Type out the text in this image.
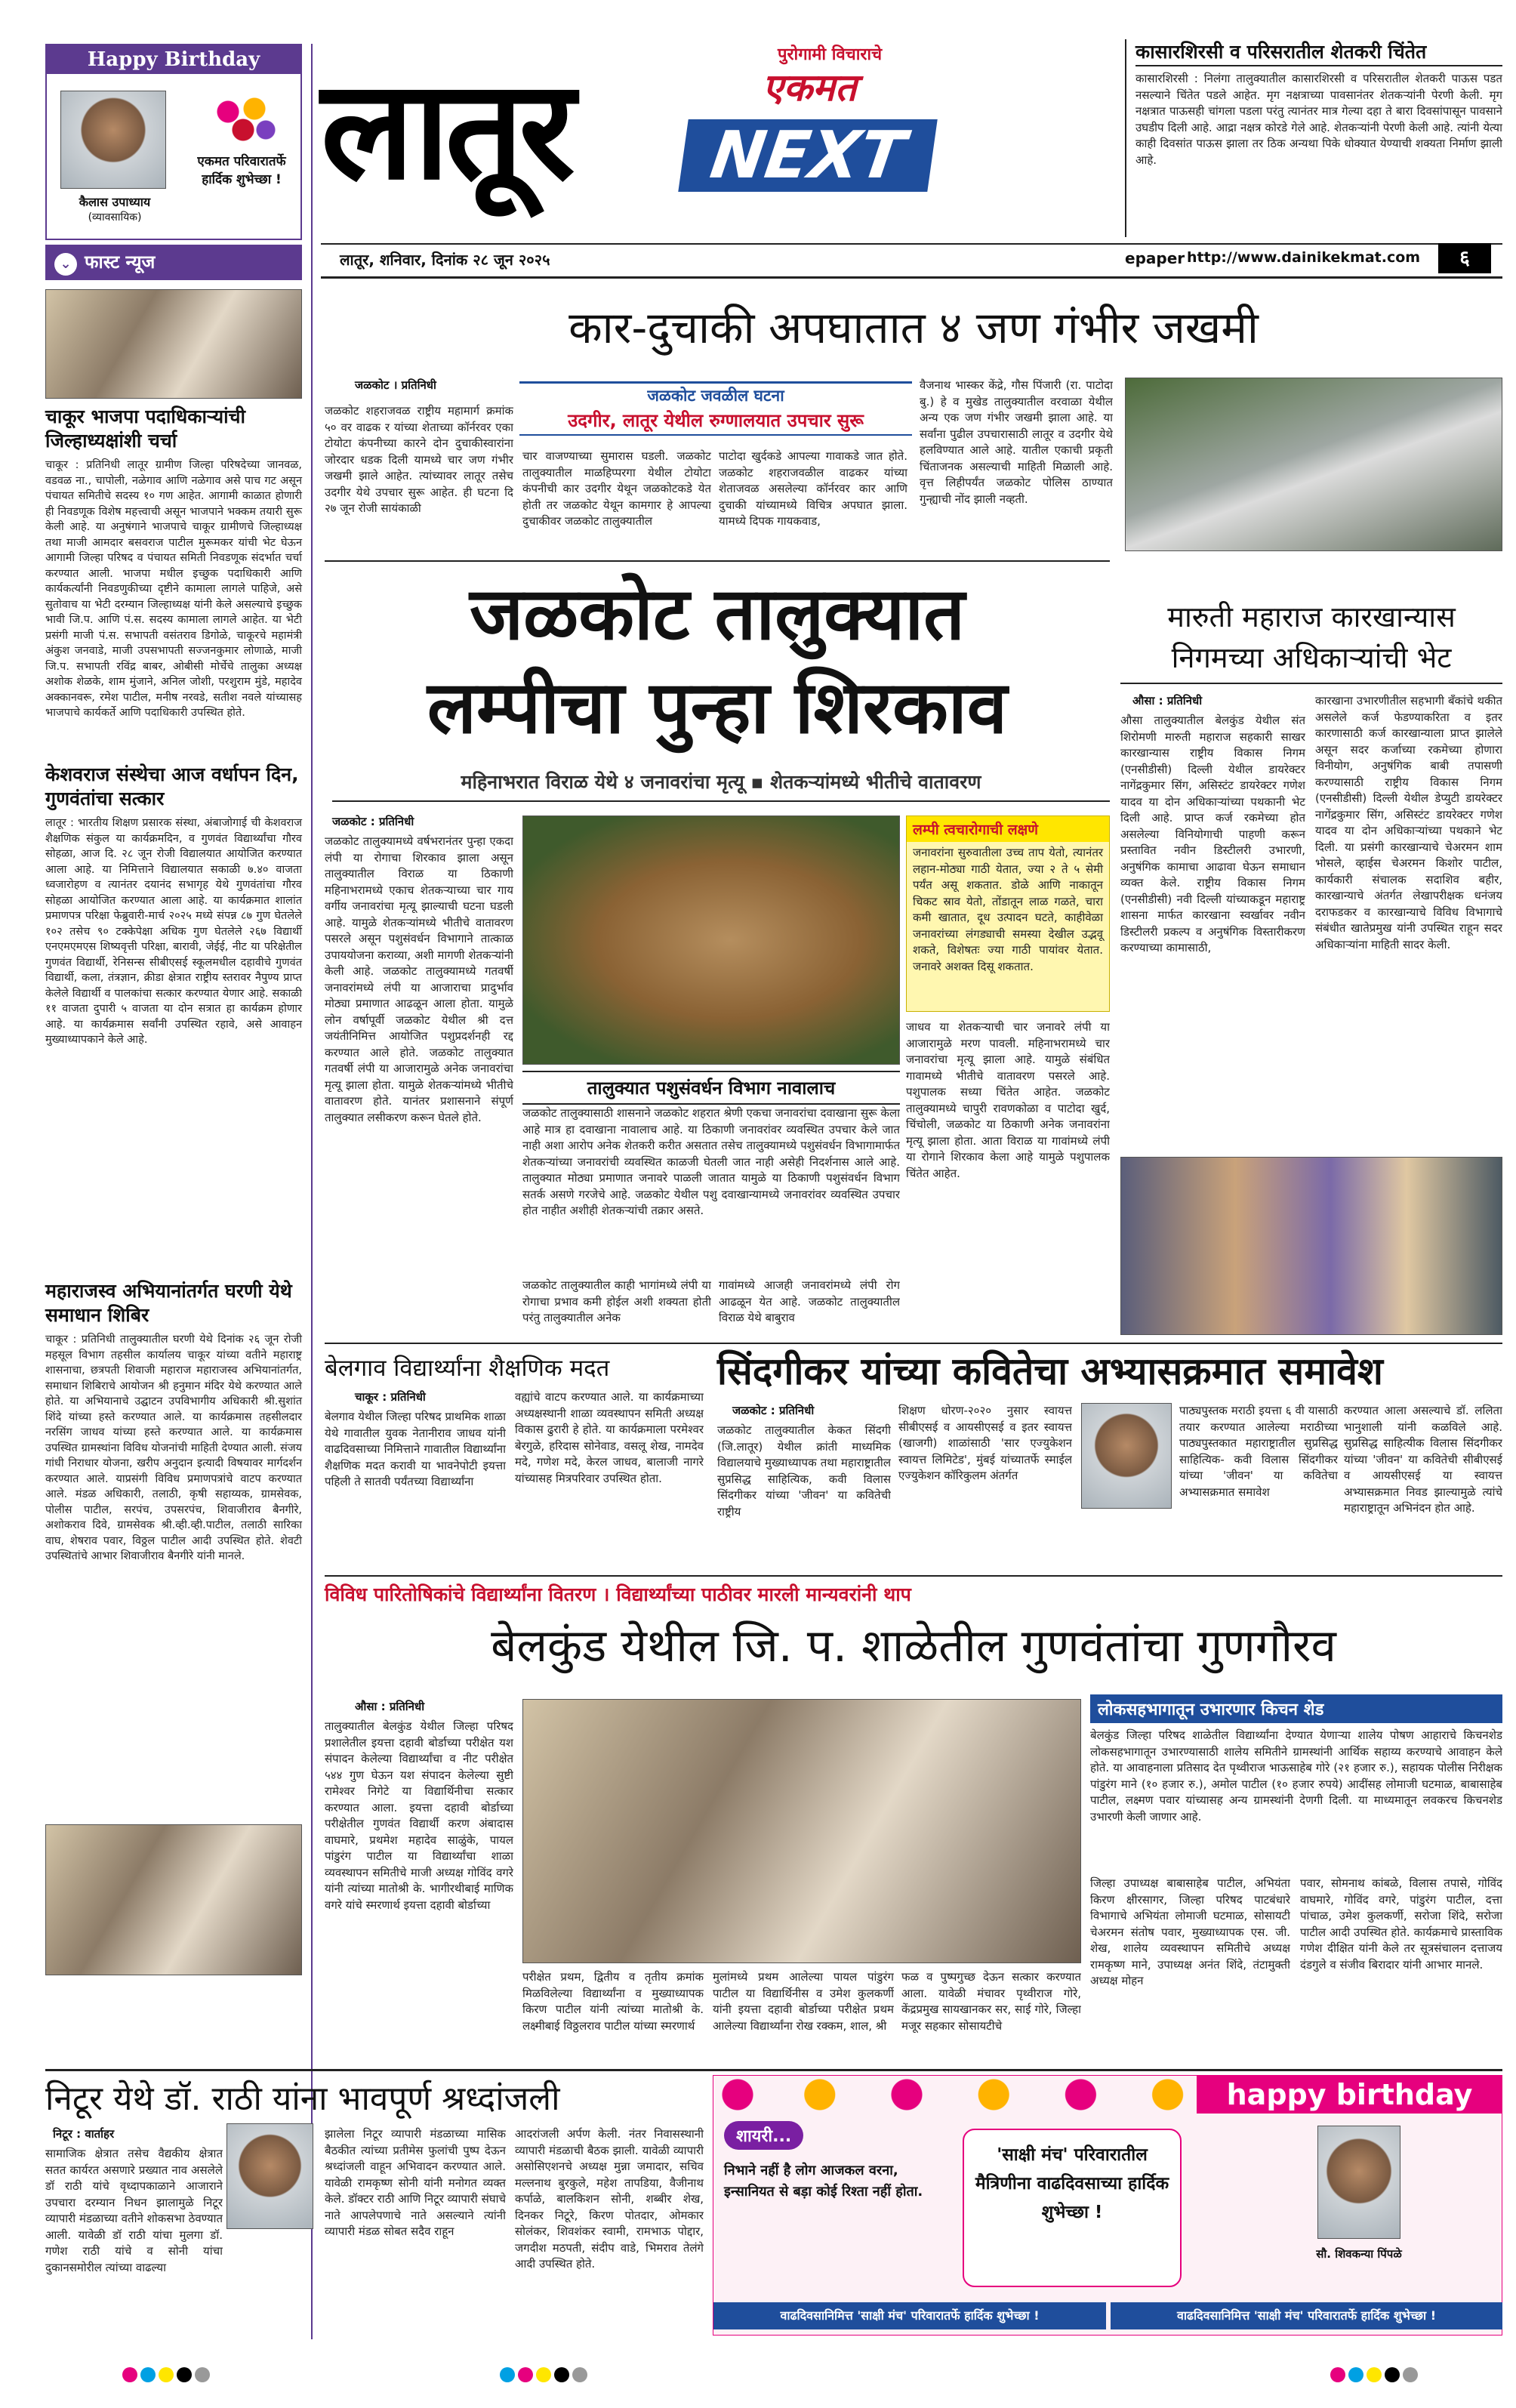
Happy Birthday
कैलास उपाध्याय
(व्यावसायिक)
एकमत परिवारातर्फे हार्दिक शुभेच्छा !
⌄ फास्ट न्यूज
चाकूर भाजपा पदाधिकाऱ्यांची जिल्हाध्यक्षांशी चर्चा
चाकूर : प्रतिनिधी लातूर ग्रामीण जिल्हा परिषदेच्या जानवळ, वडवळ ना., चापोली, नळेगाव आणि नळेगाव असे पाच गट असून पंचायत समितीचे सदस्य १० गण आहेत. आगामी काळात होणारी ही निवडणूक विशेष महत्त्वाची असून भाजपाने भक्कम तयारी सुरू केली आहे. या अनुषंगाने भाजपाचे चाकूर ग्रामीणचे जिल्हाध्यक्ष तथा माजी आमदार बसवराज पाटील मुरूमकर यांची भेट घेऊन आगामी जिल्हा परिषद व पंचायत समिती निवडणूक संदर्भात चर्चा करण्यात आली. भाजपा मधील इच्छुक पदाधिकारी आणि कार्यकर्त्यांनी निवडणुकीच्या दृष्टीने कामाला लागले पाहिजे, असे सुतोवाच या भेटी दरम्यान जिल्हाध्यक्ष यांनी केले असल्याचे इच्छुक भावी जि.प. आणि पं.स. सदस्य कामाला लागले आहेत. या भेटी प्रसंगी माजी पं.स. सभापती वसंतराव डिगोळे, चाकूरचे महामंत्री अंकुश जनवाडे, माजी उपसभापती सज्जनकुमार लोणाळे, माजी जि.प. सभापती रविंद्र बाबर, ओबीसी मोर्चेचे तालुका अध्यक्ष अशोक शेळके, शाम मुंजाने, अनिल जोशी, परशुराम मुंडे, महादेव अक्कानवरू, रमेश पाटील, मनीष नरवडे, सतीश नवले यांच्यासह भाजपाचे कार्यकर्ते आणि पदाधिकारी उपस्थित होते.
केशवराज संस्थेचा आज वर्धापन दिन, गुणवंतांचा सत्कार
लातूर : भारतीय शिक्षण प्रसारक संस्था, अंबाजोगाई ची केशवराज शैक्षणिक संकुल या कार्यक्रमदिन, व गुणवंत विद्यार्थ्यांचा गौरव सोहळा, आज दि. २८ जून रोजी विद्यालयात आयोजित करण्यात आला आहे. या निमित्ताने विद्यालयात सकाळी ७.४० वाजता ध्वजारोहण व त्यानंतर दयानंद सभागृह येथे गुणवंतांचा गौरव सोहळा आयोजित करण्यात आला आहे. या कार्यक्रमात शालांत प्रमाणपत्र परिक्षा फेब्रुवारी-मार्च २०२५ मध्ये संपन्न ८७ गुण घेतलेले १०२ तसेच ९० टक्केपेक्षा अधिक गुण घेतलेले २६७ विद्यार्थी एनएमएमएस शिष्यवृत्ती परिक्षा, बारावी, जेईई, नीट या परिक्षेतील गुणवंत विद्यार्थी, रेनिसन्स सीबीएसई स्कूलमधील दहावीचे गुणवंत विद्यार्थी, कला, तंत्रज्ञान, क्रीडा क्षेत्रात राष्ट्रीय स्तरावर नैपुण्य प्राप्त केलेले विद्यार्थी व पालकांचा सत्कार करण्यात येणार आहे. सकाळी ११ वाजता दुपारी ५ वाजता या दोन सत्रात हा कार्यक्रम होणार आहे. या कार्यक्रमास सर्वांनी उपस्थित रहावे, असे आवाहन मुख्याध्यापकाने केले आहे.
महाराजस्व अभियानांतर्गत घरणी येथे समाधान शिबिर
चाकूर : प्रतिनिधी तालुक्यातील घरणी येथे दिनांक २६ जून रोजी महसूल विभाग तहसील कार्यालय चाकूर यांच्या वतीने महाराष्ट्र शासनाचा, छत्रपती शिवाजी महाराज महाराजस्व अभियानांतर्गत, समाधान शिबिराचे आयोजन श्री हनुमान मंदिर येथे करण्यात आले होते. या अभियानाचे उद्घाटन उपविभागीय अधिकारी श्री.सुशांत शिंदे यांच्या हस्ते करण्यात आले. या कार्यक्रमास तहसीलदार नरसिंग जाधव यांच्या हस्ते करण्यात आले. या कार्यक्रमास उपस्थित ग्रामस्थांना विविध योजनांची माहिती देण्यात आली. संजय गांधी निराधार योजना, खरीप अनुदान इत्यादी विषयावर मार्गदर्शन करण्यात आले. याप्रसंगी विविध प्रमाणपत्रांचे वाटप करण्यात आले. मंडळ अधिकारी, तलाठी, कृषी सहाय्यक, ग्रामसेवक, पोलीस पाटील, सरपंच, उपसरपंच, शिवाजीराव बैनगीरे, अशोकराव दिवे, ग्रामसेवक श्री.व्ही.व्ही.पाटील, तलाठी सारिका वाघ, शेषराव पवार, विठ्ठल पाटील आदी उपस्थित होते. शेवटी उपस्थितांचे आभार शिवाजीराव बैनगीरे यांनी मानले.
लातूर	पुरोगामी विचाराचे
एकमत
NEXT
लातूर, शनिवार, दिनांक २८ जून २०२५	epaper http://www.dainikekmat.com	६
कासारशिरसी व परिसरातील शेतकरी चिंतेत
कासारशिरसी : निलंगा तालुक्यातील कासारशिरसी व परिसरातील शेतकरी पाऊस पडत नसल्याने चिंतेत पडले आहेत. मृग नक्षत्राच्या पावसानंतर शेतकऱ्यांनी पेरणी केली. मृग नक्षत्रात पाऊसही चांगला पडला परंतु त्यानंतर मात्र गेल्या दहा ते बारा दिवसांपासून पावसाने उघडीप दिली आहे. आद्रा नक्षत्र कोरडे गेले आहे. शेतकऱ्यांनी पेरणी केली आहे. त्यांनी येत्या काही दिवसांत पाऊस झाला तर ठिक अन्यथा पिके धोक्यात येण्याची शक्यता निर्माण झाली आहे.
कार-दुचाकी अपघातात ४ जण गंभीर जखमी
जळकोट । प्रतिनिधी
जळकोट जवळील घटना
उदगीर, लातूर येथील रुग्णालयात उपचार सुरू
जळकोट शहराजवळ राष्ट्रीय महामार्ग क्रमांक ५० वर वाढक र यांच्या शेताच्या कॉर्नरवर एका टोयोटा कंपनीच्या कारने दोन दुचाकीस्वारांना जोरदार धडक दिली यामध्ये चार जण गंभीर जखमी झाले आहेत. त्यांच्यावर लातूर तसेच उदगीर येथे उपचार सुरू आहेत. ही घटना दि २७ जून रोजी सायंकाळी
चार वाजण्याच्या सुमारास घडली. जळकोट तालुक्यातील माळहिप्परगा येथील टोयोटा कंपनीची कार उदगीर येथून जळकोटकडे येत होती तर जळकोट येथून कामगार हे आपल्या दुचाकीवर जळकोट तालुक्यातील
पाटोदा खुर्दकडे आपल्या गावाकडे जात होते. जळकोट शहराजवळील वाढकर यांच्या शेताजवळ असलेल्या कॉर्नरवर कार आणि दुचाकी यांच्यामध्ये विचित्र अपघात झाला. यामध्ये दिपक गायकवाड,
वैजनाथ भास्कर केंद्रे, गौस पिंजारी (रा. पाटोदा बु.) हे व मुखेड तालुक्यातील वरवाळा येथील अन्य एक जण गंभीर जखमी झाला आहे. या सर्वांना पुढील उपचारासाठी लातूर व उदगीर येथे हलविण्यात आले आहे. यातील एकाची प्रकृती चिंताजनक असल्याची माहिती मिळाली आहे. वृत्त लिहीपर्यंत जळकोट पोलिस ठाण्यात गुन्ह्याची नोंद झाली नव्हती.
जळकोट तालुक्यात
लम्पीचा पुन्हा शिरकाव
महिनाभरात विराळ येथे ४ जनावरांचा मृत्यू ▪ शेतकऱ्यांमध्ये भीतीचे वातावरण
जळकोट : प्रतिनिधी
जळकोट तालुक्यामध्ये वर्षभरानंतर पुन्हा एकदा लंपी या रोगाचा शिरकाव झाला असून तालुक्यातील विराळ या ठिकाणी महिनाभरामध्ये एकाच शेतकऱ्याच्या चार गाय वर्गीय जनावरांचा मृत्यू झाल्याची घटना घडली आहे. यामुळे शेतकऱ्यांमध्ये भीतीचे वातावरण पसरले असून पशुसंवर्धन विभागाने तात्काळ उपाययोजना कराव्या, अशी मागणी शेतकऱ्यांनी केली आहे. जळकोट तालुक्यामध्ये गतवर्षी जनावरांमध्ये लंपी या आजाराचा प्रादुर्भाव मोठ्या प्रमाणात आढळून आला होता. यामुळे लोन वर्षापूर्वी जळकोट येथील श्री दत्त जयंतीनिमित्त आयोजित पशुप्रदर्शनही रद्द करण्यात आले होते. जळकोट तालुक्यात गतवर्षी लंपी या आजारामुळे अनेक जनावरांचा मृत्यू झाला होता. यामुळे शेतकऱ्यांमध्ये भीतीचे वातावरण होते. यानंतर प्रशासनाने संपूर्ण तालुक्यात लसीकरण करून घेतले होते.
तालुक्यात पशुसंवर्धन विभाग नावालाच
जळकोट तालुक्यासाठी शासनाने जळकोट शहरात श्रेणी एकचा जनावरांचा दवाखाना सुरू केला आहे मात्र हा दवाखाना नावालाच आहे. या ठिकाणी जनावरांवर व्यवस्थित उपचार केले जात नाही अशा आरोप अनेक शेतकरी करीत असतात तसेच तालुक्यामध्ये पशुसंवर्धन विभागामार्फत शेतकऱ्यांच्या जनावरांची व्यवस्थित काळजी घेतली जात नाही असेही निदर्शनास आले आहे. तालुक्यात मोठ्या प्रमाणात जनावरे पाळली जातात यामुळे या ठिकाणी पशुसंवर्धन विभाग सतर्क असणे गरजेचे आहे. जळकोट येथील पशु दवाखान्यामध्ये जनावरांवर व्यवस्थित उपचार होत नाहीत अशीही शेतकऱ्यांची तक्रार असते.
जळकोट तालुक्यातील काही भागांमध्ये लंपी या रोगाचा प्रभाव कमी होईल अशी शक्यता होती परंतु तालुक्यातील अनेक
गावांमध्ये आजही जनावरांमध्ये लंपी रोग आढळून येत आहे. जळकोट तालुक्यातील विराळ येथे बाबुराव
लम्पी त्वचारोगाची लक्षणे
जनावरांना सुरुवातीला उच्च ताप येतो, त्यानंतर लहान-मोठ्या गाठी येतात, ज्या २ ते ५ सेमी पर्यंत असू शकतात. डोळे आणि नाकातून चिकट स्राव येतो, तोंडातून लाळ गळते, चारा कमी खातात, दूध उत्पादन घटते, काहीवेळा जनावरांच्या लंगड्याची समस्या देखील उद्भवू शकते, विशेषतः ज्या गाठी पायांवर येतात. जनावरे अशक्त दिसू शकतात.
जाधव या शेतकऱ्याची चार जनावरे लंपी या आजारामुळे मरण पावली. महिनाभरामध्ये चार जनावरांचा मृत्यू झाला आहे. यामुळे संबंधित गावामध्ये भीतीचे वातावरण पसरले आहे. पशुपालक सध्या चिंतेत आहेत. जळकोट तालुक्यामध्ये चापुरी रावणकोळा व पाटोदा खुर्द, चिंचोली, जळकोट या ठिकाणी अनेक जनावरांना मृत्यू झाला होता. आता विराळ या गावांमध्ये लंपी या रोगाने शिरकाव केला आहे यामुळे पशुपालक चिंतेत आहेत.
मारुती महाराज कारखान्यास निगमच्या अधिकाऱ्यांची भेट
औसा : प्रतिनिधी
औसा तालुक्यातील बेलकुंड येथील संत शिरोमणी मारुती महाराज सहकारी साखर कारखान्यास राष्ट्रीय विकास निगम (एनसीडीसी) दिल्ली येथील डायरेक्टर नागेंद्रकुमार सिंग, असिस्टंट डायरेक्टर गणेश यादव या दोन अधिकाऱ्यांच्या पथकानी भेट दिली आहे. प्राप्त कर्ज रकमेच्या होत असलेल्या विनियोगाची पाहणी करून प्रस्तावित नवीन डिस्टीलरी उभारणी, अनुषंगिक कामाचा आढावा घेऊन समाधान व्यक्त केले. राष्ट्रीय विकास निगम (एनसीडीसी) नवी दिल्ली यांच्याकडून महाराष्ट्र शासना मार्फत कारखाना स्वर्खावर नवीन डिस्टीलरी प्रकल्प व अनुषंगिक विस्तारीकरण करण्याच्या कामासाठी,
कारखाना उभारणीतील सहभागी बँकांचे थकीत असलेले कर्ज फेडण्याकरिता व इतर कारणासाठी कर्ज कारखान्याला प्राप्त झालेले असून सदर कर्जाच्या रकमेच्या होणारा विनीयोग, अनुषंगिक बाबी तपासणी करण्यासाठी राष्ट्रीय विकास निगम (एनसीडीसी) दिल्ली येथील डेप्युटी डायरेक्टर नागेंद्रकुमार सिंग, असिस्टंट डायरेक्टर गणेश यादव या दोन अधिकाऱ्यांच्या पथकाने भेट दिली. या प्रसंगी कारखान्याचे चेअरमन शाम भोसले, व्हाईस चेअरमन किशोर पाटील, कार्यकारी संचालक सदाशिव बहीर, कारखान्याचे अंतर्गत लेखापरीक्षक धनंजय दराफडकर व कारखान्याचे विविध विभागाचे संबंधीत खातेप्रमुख यांनी उपस्थित राहून सदर अधिकाऱ्यांना माहिती सादर केली.
बेलगाव विद्यार्थ्यांना शैक्षणिक मदत
चाकूर : प्रतिनिधी
बेलगाव येथील जिल्हा परिषद प्राथमिक शाळा येथे गावातील युवक नेतानीराव जाधव यांनी वाढदिवसाच्या निमित्ताने गावातील विद्यार्थ्यांना शैक्षणिक मदत करावी या भावनेपोटी इयत्ता पहिली ते सातवी पर्यंतच्या विद्यार्थ्यांना
वह्यांचे वाटप करण्यात आले. या कार्यक्रमाच्या अध्यक्षस्थानी शाळा व्यवस्थापन समिती अध्यक्ष विकास ढुरारी हे होते. या कार्यक्रमाला परमेश्वर बेरगुळे, हरिदास सोनेवाड, वसलू शेख, नामदेव मदे, गणेश मदे, केरल जाधव, बालाजी नागरे यांच्यासह मित्रपरिवार उपस्थित होता.
सिंदगीकर यांच्या कवितेचा अभ्यासक्रमात समावेश
जळकोट : प्रतिनिधी
जळकोट तालुक्यातील केकत सिंदगी (जि.लातूर) येथील क्रांती माध्यमिक विद्यालयाचे मुख्याध्यापक तथा महाराष्ट्रातील सुप्रसिद्ध साहित्यिक, कवी विलास सिंदगीकर यांच्या 'जीवन' या कवितेची राष्ट्रीय
शिक्षण धोरण-२०२० नुसार स्वायत्त सीबीएसई व आयसीएसई व इतर स्वायत्त (खाजगी) शाळांसाठी 'सार एज्युकेशन स्वायत्त लिमिटेड', मुंबई यांच्यातर्फे स्माईल एज्युकेशन कॉरिकुलम अंतर्गत
पाठ्यपुस्तक मराठी इयत्ता ६ वी यासाठी तयार करण्यात आलेल्या मराठीच्या पाठ्यपुस्तकात महाराष्ट्रातील सुप्रसिद्ध साहित्यिक- कवी विलास सिंदगीकर यांच्या 'जीवन' या कवितेचा अभ्यासक्रमात समावेश
करण्यात आला असल्याचे डॉ. ललिता भानुशाली यांनी कळविले आहे. सुप्रसिद्ध साहित्यीक विलास सिंदगीकर यांच्या 'जीवन' या कवितेची सीबीएसई व आयसीएसई या स्वायत्त अभ्यासक्रमात निवड झाल्यामुळे त्यांचे महाराष्ट्रातून अभिनंदन होत आहे.
विविध पारितोषिकांचे विद्यार्थ्यांना वितरण । विद्यार्थ्यांच्या पाठीवर मारली मान्यवरांनी थाप
बेलकुंड येथील जि. प. शाळेतील गुणवंतांचा गुणगौरव
औसा : प्रतिनिधी
तालुक्यातील बेलकुंड येथील जिल्हा परिषद प्रशालेतील इयत्ता दहावी बोर्डाच्या परीक्षेत यश संपादन केलेल्या विद्यार्थ्यांचा व नीट परीक्षेत ५४४ गुण घेऊन यश संपादन केलेल्या सुष्टी रामेश्वर निगेटे या विद्यार्थिनीचा सत्कार करण्यात आला. इयत्ता दहावी बोर्डाच्या परीक्षेतील गुणवंत विद्यार्थी करण अंबादास वाघमारे, प्रथमेश महादेव साळुंके, पायल पांडुरंग पाटील या विद्यार्थ्यांचा शाळा व्यवस्थापन समितीचे माजी अध्यक्ष गोविंद वगरे यांनी त्यांच्या मातोश्री के. भागीरथीबाई माणिक वगरे यांचे स्मरणार्थ इयत्ता दहावी बोर्डाच्या
परीक्षेत प्रथम, द्वितीय व तृतीय क्रमांक मिळविलेल्या विद्यार्थ्यांना व मुख्याध्यापक किरण पाटील यांनी त्यांच्या मातोश्री के. लक्ष्मीबाई विठ्ठलराव पाटील यांच्या स्मरणार्थ
मुलांमध्ये प्रथम आलेल्या पायल पांडुरंग पाटील या विद्यार्थिनीस व उमेश कुलकर्णी यांनी इयत्ता दहावी बोर्डाच्या परीक्षेत प्रथम आलेल्या विद्यार्थ्यांना रोख रक्कम, शाल, श्री
फळ व पुष्पगुच्छ देऊन सत्कार करण्यात आला. यावेळी मंचावर पृथ्वीराज गोरे, केंद्रप्रमुख सायखानकर सर, साई गोरे, जिल्हा मजूर सहकार सोसायटीचे
लोकसहभागातून उभारणार किचन शेड
बेलकुंड जिल्हा परिषद शाळेतील विद्यार्थ्यांना देण्यात येणाऱ्या शालेय पोषण आहाराचे किचनशेड लोकसहभागातून उभारण्यासाठी शालेय समितीने ग्रामस्थांनी आर्थिक सहाय्य करण्याचे आवाहन केले होते. या आवाहनाला प्रतिसाद देत पृथ्वीराज भाऊसाहेब गोरे (२१ हजार रु.), सहायक पोलीस निरीक्षक पांडुरंग माने (१० हजार रु.), अमोल पाटील (१० हजार रुपये) आदींसह लोमाजी घटमाळ, बाबासाहेब पाटील, लक्ष्मण पवार यांच्यासह अन्य ग्रामस्थांनी देणगी दिली. या माध्यमातून लवकरच किचनशेड उभारणी केली जाणार आहे.
जिल्हा उपाध्यक्ष बाबासाहेब पाटील, अभियंता किरण क्षीरसागर, जिल्हा परिषद पाटबंधारे विभागाचे अभियंता लोमाजी घटमाळ, सोसायटी चेअरमन संतोष पवार, मुख्याध्यापक एस. जी. शेख, शालेय व्यवस्थापन समितीचे अध्यक्ष रामकृष्ण माने, उपाध्यक्ष अनंत शिंदे, तंटामुक्ती अध्यक्ष मोहन
पवार, सोमनाथ कांबळे, विलास तपासे, गोविंद वाघमारे, गोविंद वगरे, पांडुरंग पाटील, दत्ता पांचाळ, उमेश कुलकर्णी, सरोजा शिंदे, सरोजा पाटील आदी उपस्थित होते. कार्यक्रमाचे प्रास्ताविक गणेश दीक्षित यांनी केले तर सूत्रसंचालन दत्ताजय दंडगुले व संजीव बिरादार यांनी आभार मानले.
निटूर येथे डॉ. राठी यांना भावपूर्ण श्रध्दांजली
निटूर : वार्ताहर
सामाजिक क्षेत्रात तसेच वैद्यकीय क्षेत्रात सतत कार्यरत असणारे प्रख्यात नाव असलेले डॉ राठी यांचे वृध्दापकाळाने आजाराने उपचारा दरम्यान निधन झालामुळे निटूर व्यापारी मंडळाच्या वतीने शोकसभा ठेवण्यात आली. यावेळी डॉ राठी यांचा मुलगा डॉ. गणेश राठी यांचे व सोनी यांचा दुकानसमोरील त्यांच्या वाढल्या
झालेला निटूर व्यापारी मंडळाच्या मासिक बैठकीत त्यांच्या प्रतीमेस फुलांची पुष्प देऊन श्रध्दांजली वाहून अभिवादन करण्यात आले. यावेळी रामकृष्ण सोनी यांनी मनोगत व्यक्त केले. डॉक्टर राठी आणि निटूर व्यापारी संघाचे नाते आपलेपणाचे नाते असल्याने त्यांनी व्यापारी मंडळ सोबत सदैव राहून
आदरांजली अर्पण केली. नंतर निवासस्थानी व्यापारी मंडळाची बैठक झाली. यावेळी व्यापारी असोसिएशनचे अध्यक्ष मुन्ना जमादार, सचिव मल्लनाथ बुरकुले, महेश तापडिया, वैजीनाथ कर्पाळे, बालकिशन सोनी, शब्बीर शेख, दिनकर निटूरे, किरण पोतदार, ओमकार सोलंकर, शिवशंकर स्वामी, रामभाऊ पोद्दार, जगदीश मठपती, संदीप वाडे, भिमराव तेलंगे आदी उपस्थित होते.
शायरी...
निभाने नहीं है लोग आजकल वरना, इन्सानियत से बड़ा कोई रिश्ता नहीं होता.
'साक्षी मंच' परिवारातील मैत्रिणीना वाढदिवसाच्या हार्दिक शुभेच्छा !
happy birthday
सौ. शिवकन्या पिंपळे
वाढदिवसानिमित्त 'साक्षी मंच' परिवारातर्फे हार्दिक शुभेच्छा !	वाढदिवसानिमित्त 'साक्षी मंच' परिवारातर्फे हार्दिक शुभेच्छा !
